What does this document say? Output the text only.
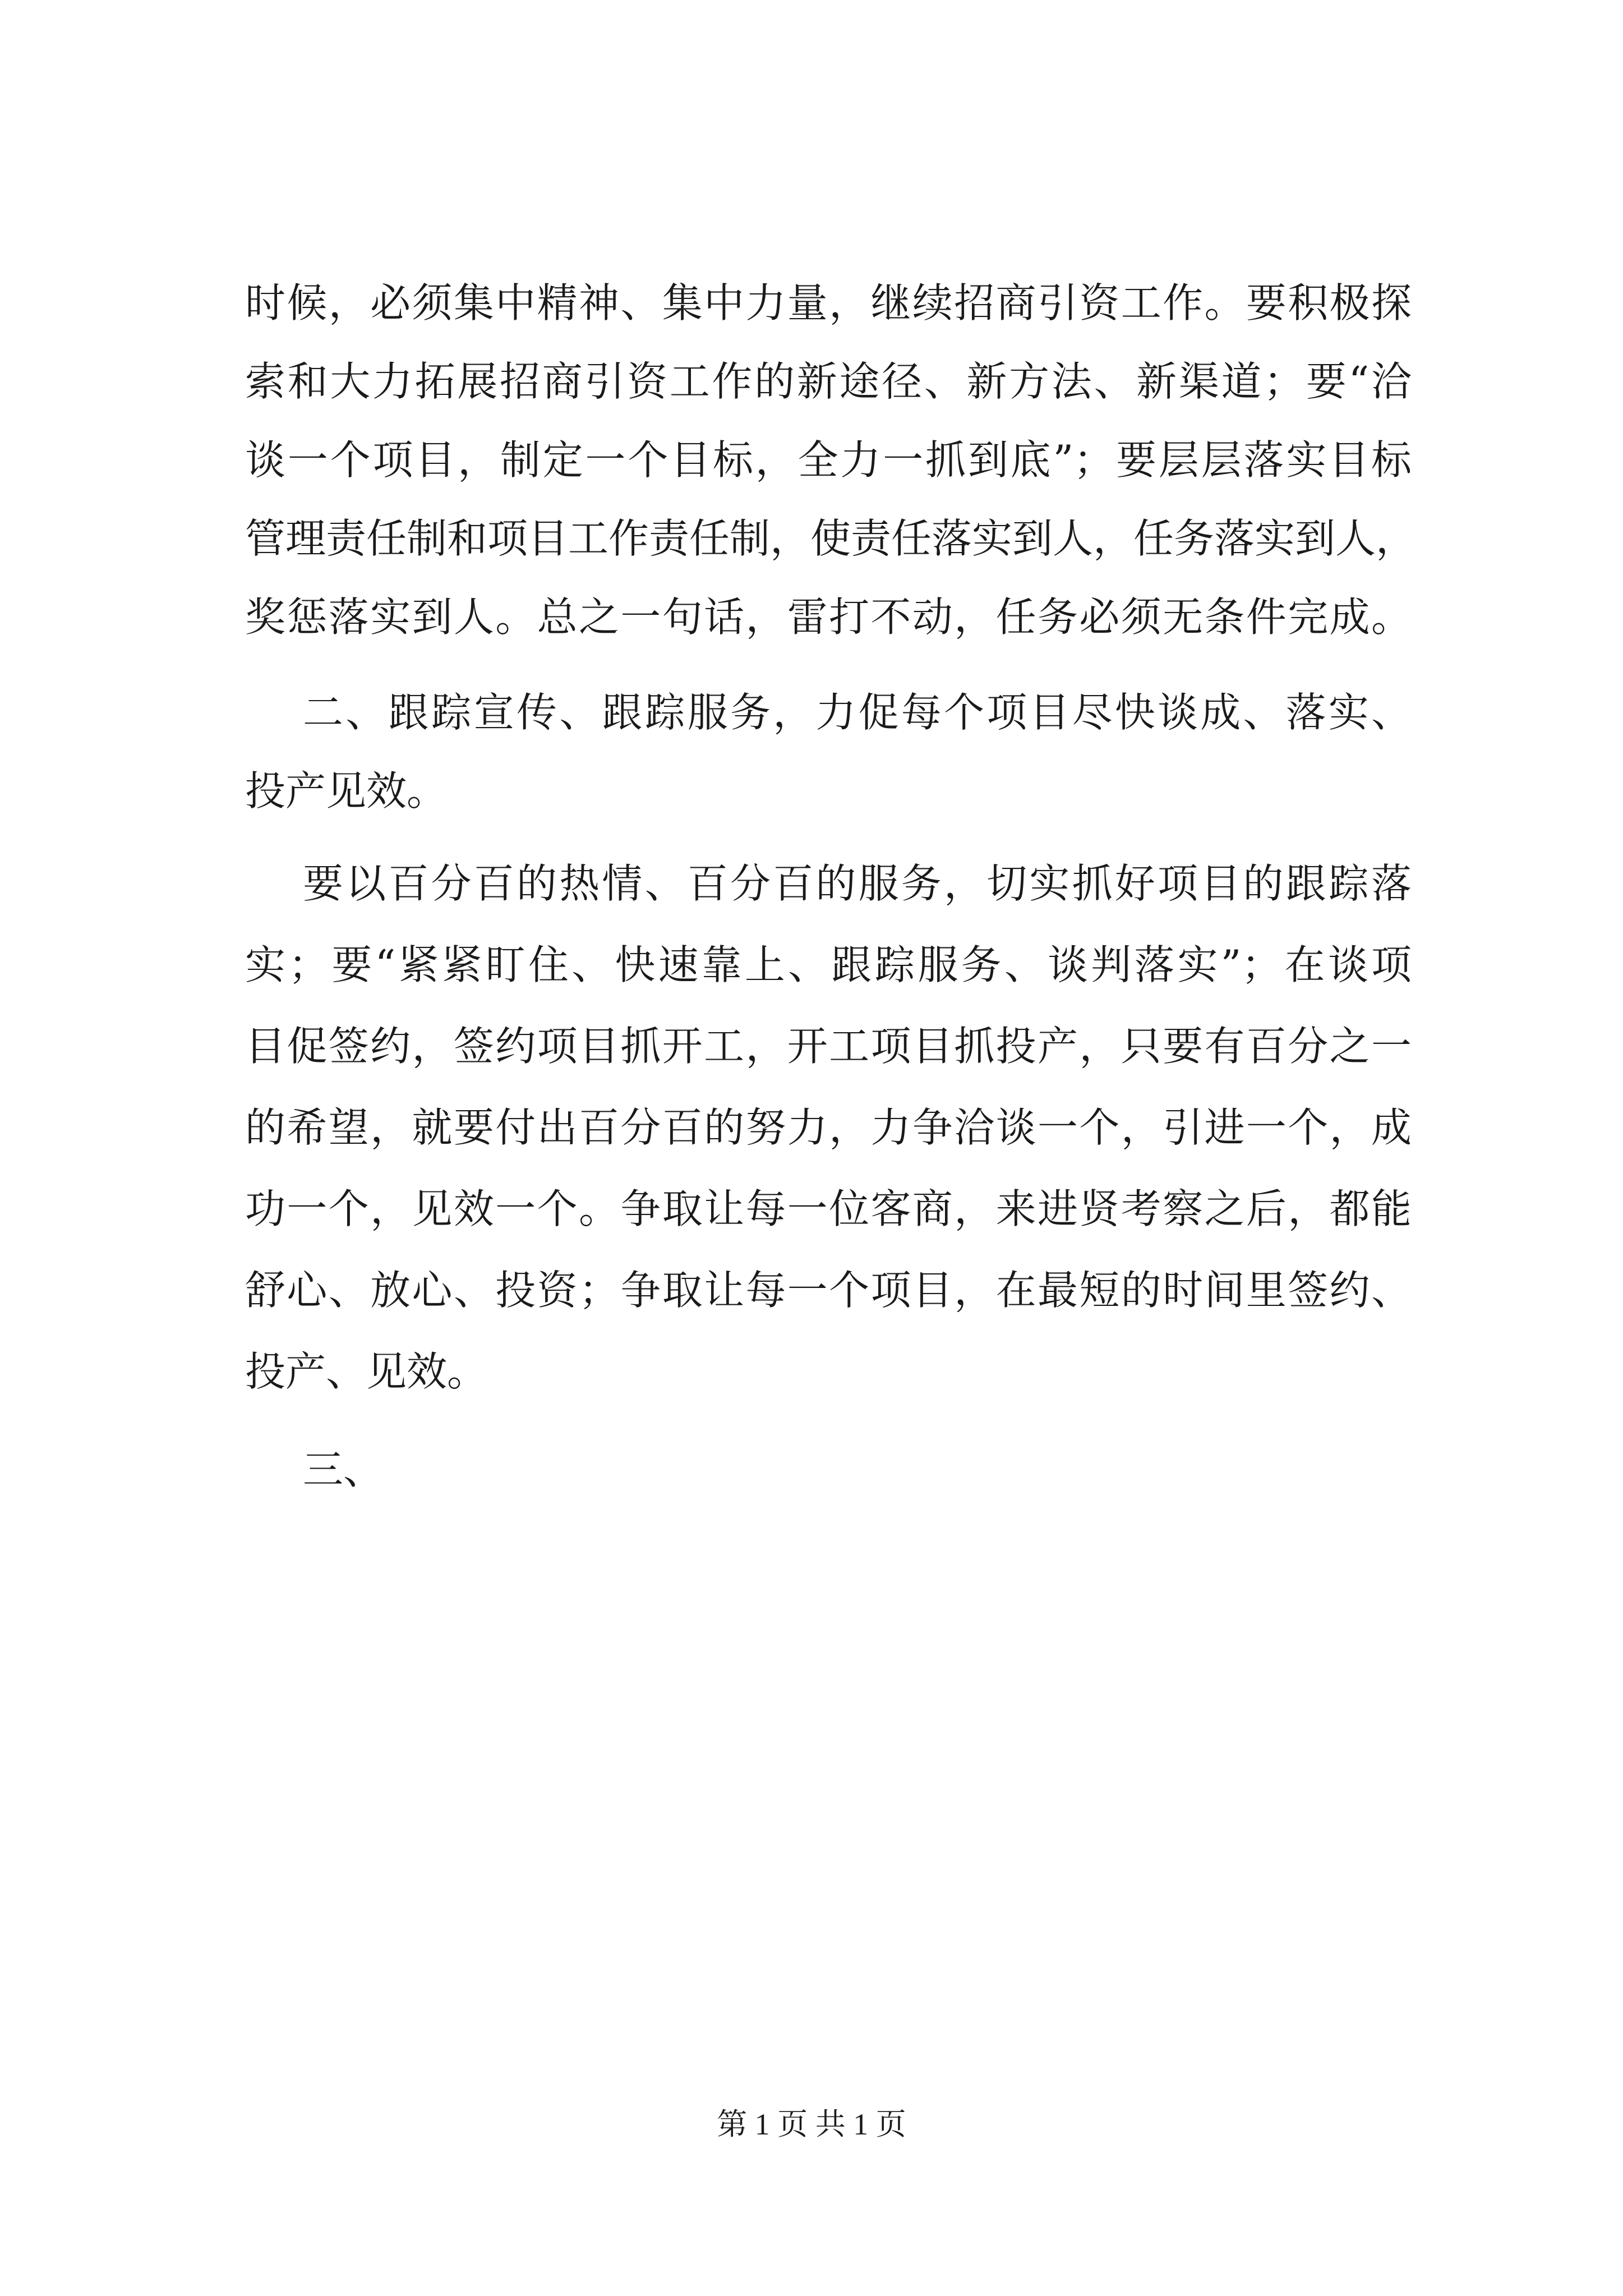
时候，必须集中精神、集中力量，继续招商引资工作。要积极探
索和大力拓展招商引资工作的新途径、新方法、新渠道；要“洽
谈一个项目，制定一个目标，全力一抓到底”；要层层落实目标
管理责任制和项目工作责任制，使责任落实到人，任务落实到人，
奖惩落实到人。总之一句话，雷打不动，任务必须无条件完成。
二、跟踪宣传、跟踪服务，力促每个项目尽快谈成、落实、
投产见效。
要以百分百的热情、百分百的服务，切实抓好项目的跟踪落
实；要“紧紧盯住、快速靠上、跟踪服务、谈判落实”；在谈项
目促签约，签约项目抓开工，开工项目抓投产，只要有百分之一
的希望，就要付出百分百的努力，力争洽谈一个，引进一个，成
功一个，见效一个。争取让每一位客商，来进贤考察之后，都能
舒心、放心、投资；争取让每一个项目，在最短的时间里签约、
投产、见效。
三、
第 1 页 共 1 页
